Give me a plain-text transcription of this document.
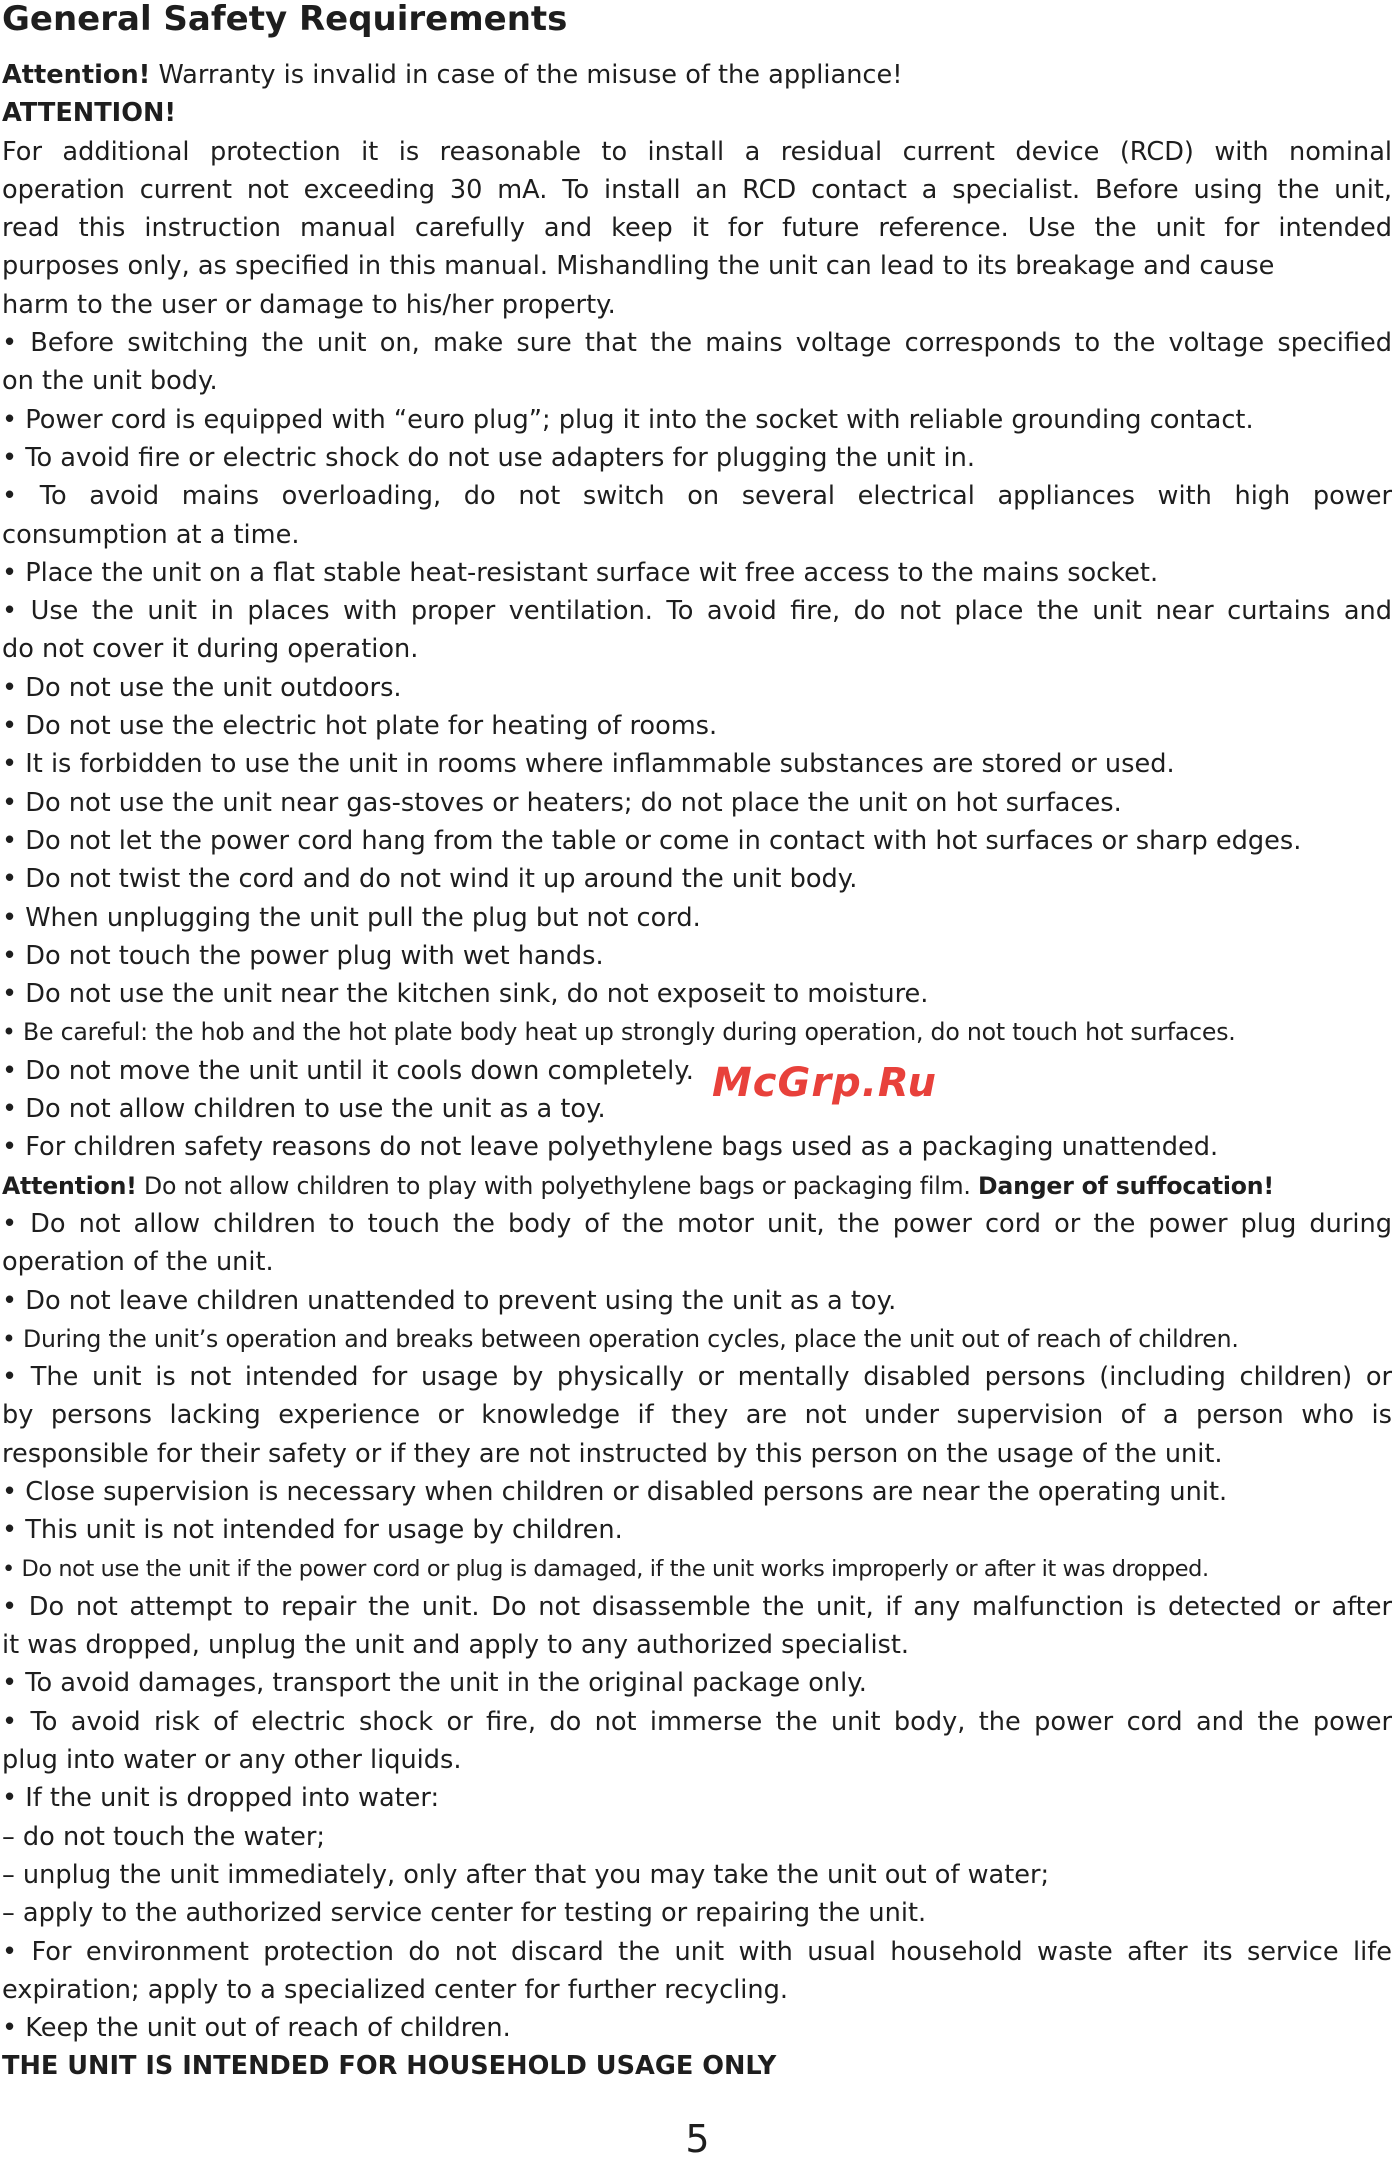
General Safety Requirements
Attention! Warranty is invalid in case of the misuse of the appliance!
ATTENTION!
For additional protection it is reasonable to install a residual current device (RCD) with nominal
operation current not exceeding 30 mA. To install an RCD contact a specialist. Before using the unit,
read this instruction manual carefully and keep it for future reference. Use the unit for intended
purposes only, as specified in this manual. Mishandling the unit can lead to its breakage and cause
harm to the user or damage to his/her property.
• Before switching the unit on, make sure that the mains voltage corresponds to the voltage specified
on the unit body.
• Power cord is equipped with “euro plug”; plug it into the socket with reliable grounding contact.
• To avoid fire or electric shock do not use adapters for plugging the unit in.
• To avoid mains overloading, do not switch on several electrical appliances with high power
consumption at a time.
• Place the unit on a flat stable heat-resistant surface wit free access to the mains socket.
• Use the unit in places with proper ventilation. To avoid fire, do not place the unit near curtains and
do not cover it during operation.
• Do not use the unit outdoors.
• Do not use the electric hot plate for heating of rooms.
• It is forbidden to use the unit in rooms where inflammable substances are stored or used.
• Do not use the unit near gas-stoves or heaters; do not place the unit on hot surfaces.
• Do not let the power cord hang from the table or come in contact with hot surfaces or sharp edges.
• Do not twist the cord and do not wind it up around the unit body.
• When unplugging the unit pull the plug but not cord.
• Do not touch the power plug with wet hands.
• Do not use the unit near the kitchen sink, do not exposeit to moisture.
• Be careful: the hob and the hot plate body heat up strongly during operation, do not touch hot surfaces.
• Do not move the unit until it cools down completely.
• Do not allow children to use the unit as a toy.
• For children safety reasons do not leave polyethylene bags used as a packaging unattended.
Attention! Do not allow children to play with polyethylene bags or packaging film. Danger of suffocation!
• Do not allow children to touch the body of the motor unit, the power cord or the power plug during
operation of the unit.
• Do not leave children unattended to prevent using the unit as a toy.
• During the unit’s operation and breaks between operation cycles, place the unit out of reach of children.
• The unit is not intended for usage by physically or mentally disabled persons (including children) or
by persons lacking experience or knowledge if they are not under supervision of a person who is
responsible for their safety or if they are not instructed by this person on the usage of the unit.
• Close supervision is necessary when children or disabled persons are near the operating unit.
• This unit is not intended for usage by children.
• Do not use the unit if the power cord or plug is damaged, if the unit works improperly or after it was dropped.
• Do not attempt to repair the unit. Do not disassemble the unit, if any malfunction is detected or after
it was dropped, unplug the unit and apply to any authorized specialist.
• To avoid damages, transport the unit in the original package only.
• To avoid risk of electric shock or fire, do not immerse the unit body, the power cord and the power
plug into water or any other liquids.
• If the unit is dropped into water:
– do not touch the water;
– unplug the unit immediately, only after that you may take the unit out of water;
– apply to the authorized service center for testing or repairing the unit.
• For environment protection do not discard the unit with usual household waste after its service life
expiration; apply to a specialized center for further recycling.
• Keep the unit out of reach of children.
THE UNIT IS INTENDED FOR HOUSEHOLD USAGE ONLY
McGrp.Ru
5
